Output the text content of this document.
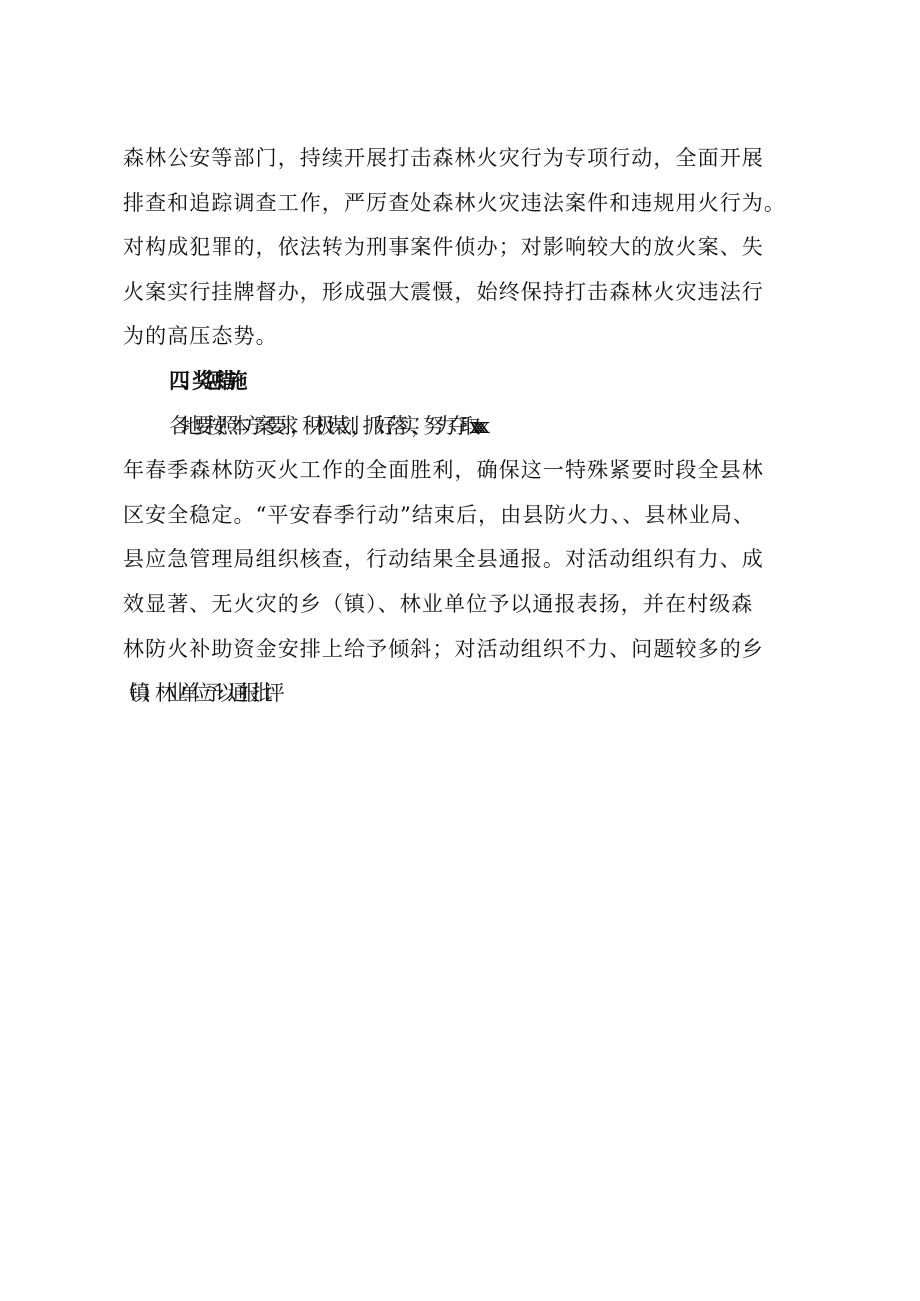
森林公安等部门，持续开展打击森林火灾行为专项行动，全面开展
排查和追踪调查工作，严厉查处森林火灾违法案件和违规用火行为。
对构成犯罪的，依法转为刑事案件侦办；对影响较大的放火案、失
火案实行挂牌督办，形成强大震慑，始终保持打击森林火灾违法行
为的高压态势。
四、奖惩措施
各地要按照本方案要求，积极谋划，抓好落实，努力夺取 xxxx
年春季森林防灭火工作的全面胜利，确保这一特殊紧要时段全县林
区安全稳定。“平安春季行动”结束后，由县防火力、、县林业局、
县应急管理局组织核查，行动结果全县通报。对活动组织有力、成
效显著、无火灾的乡（镇）、林业单位予以通报表扬，并在村级森
林防火补助资金安排上给予倾斜；对活动组织不力、问题较多的乡
（镇）、林业单位予以通报批评
